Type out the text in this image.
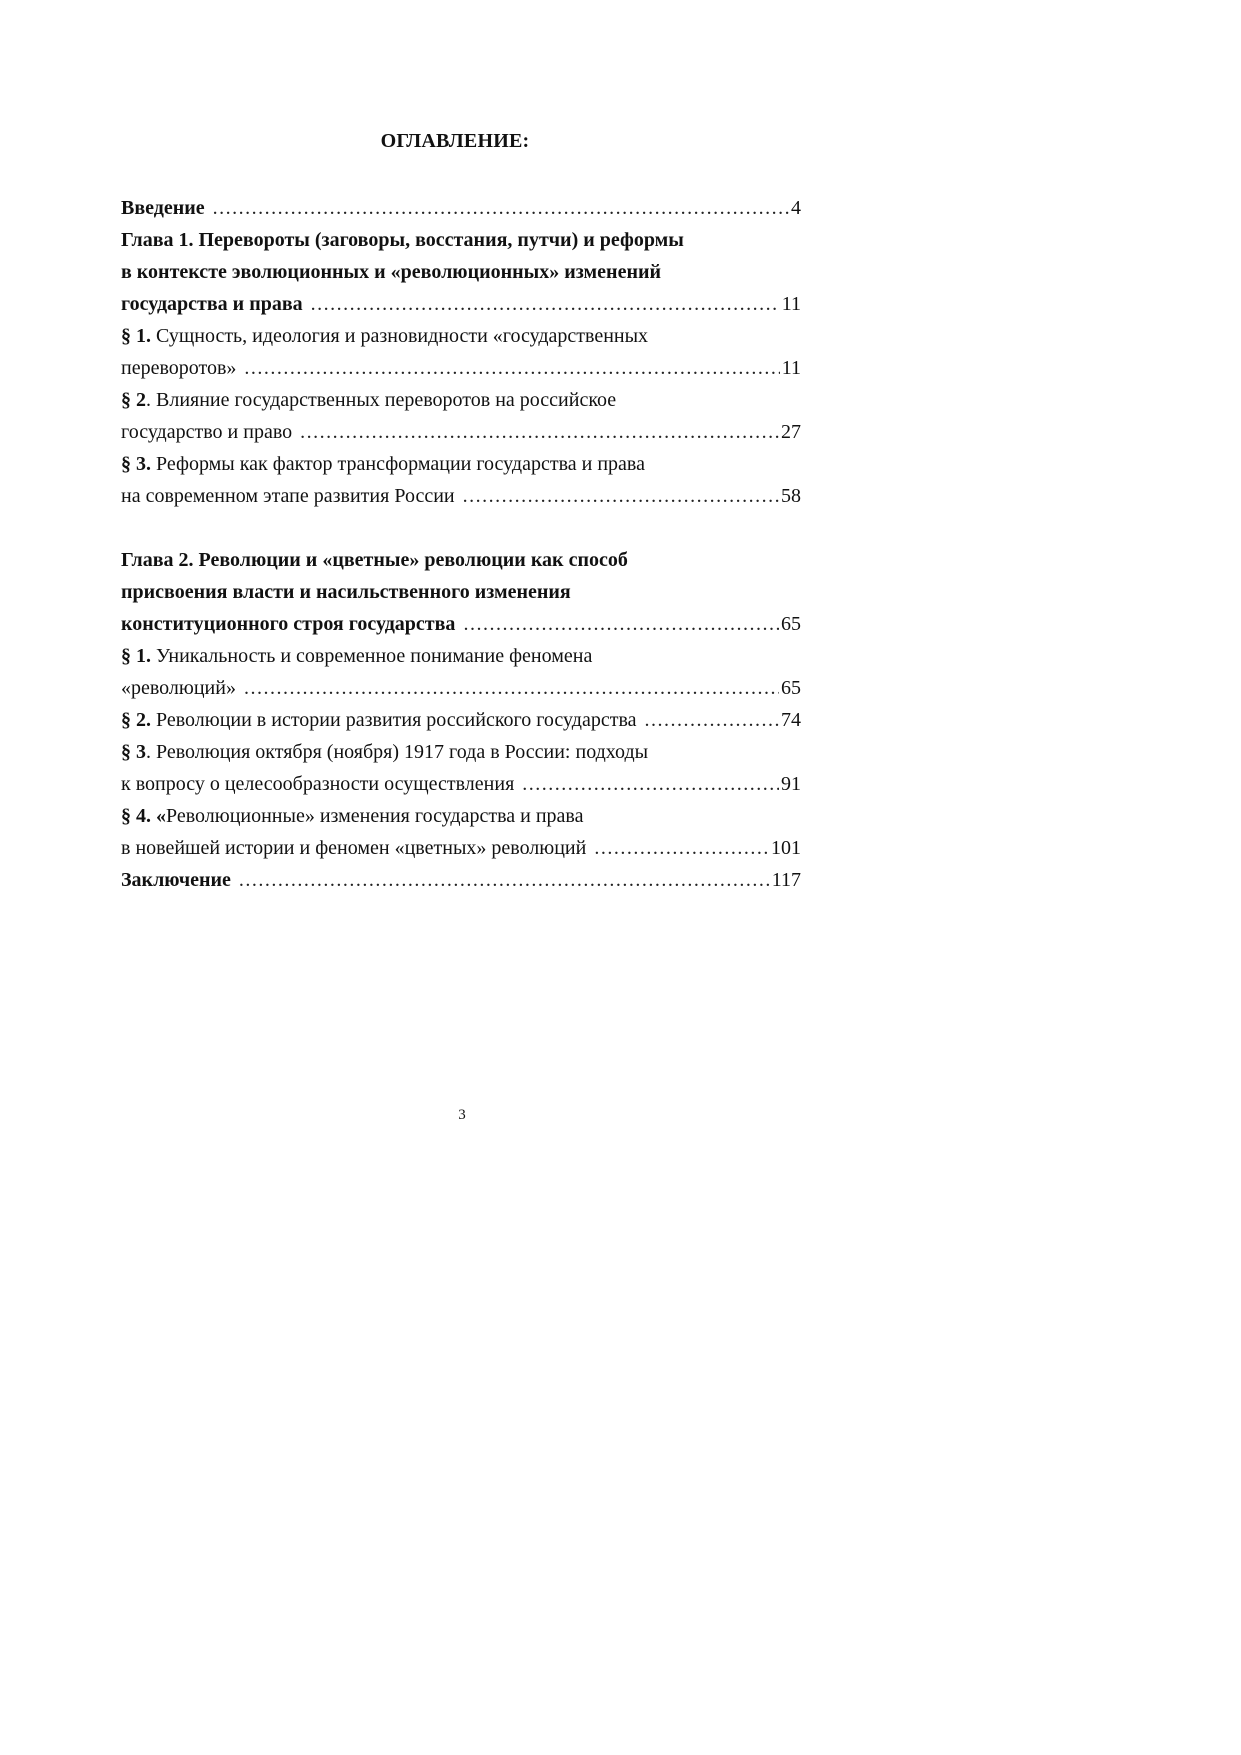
ОГЛАВЛЕНИЕ:
Введение .....	4
Глава 1. Перевороты (заговоры, восстания, путчи) и реформы
в контексте эволюционных и «революционных» изменений
государства и права .....	11
§ 1. Сущность, идеология и разновидности «государственных
переворотов» .....	11
§ 2. Влияние государственных переворотов на российское
государство и право .....	27
§ 3. Реформы как фактор трансформации государства и права
на современном этапе развития России .....	58
Глава 2. Революции и «цветные» революции как способ
присвоения власти и насильственного изменения
конституционного строя государства .....	65
§ 1. Уникальность и современное понимание феномена
«революций» .....	65
§ 2. Революции в истории развития российского государства .....	74
§ 3. Революция октября (ноября) 1917 года в России: подходы
к вопросу о целесообразности осуществления .....	91
§ 4. «Революционные» изменения государства и права
в новейшей истории и феномен «цветных» революций .....	101
Заключение .....	117
3
